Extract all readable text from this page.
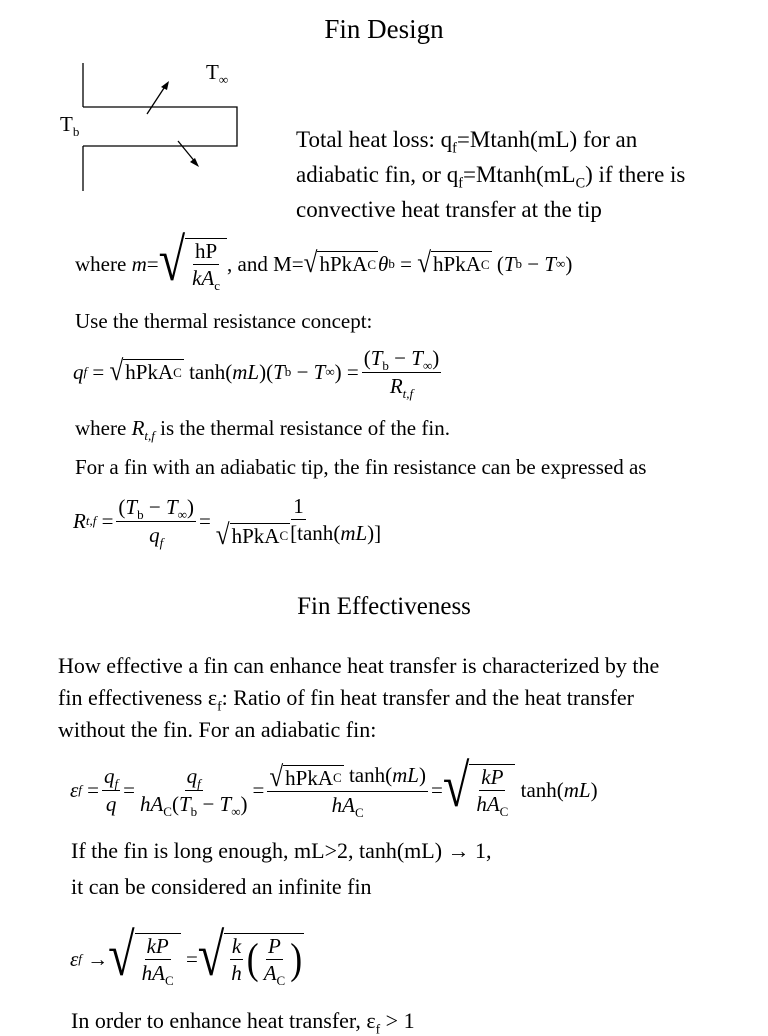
Fin Design
$T_\infty$
$T_b$	Total heat loss: $q_f=Mtanh(mL)$ for an
adiabatic fin, or $q_f=Mtanh(mL_C)$ if there is
convective heat transfer at the tip
where
m = √ $\frac{hP}{kA_c}$ , and M= √ hPkA C θ b = √ hPkA C ( T b − T ∞ )
Use the thermal resistance concept:
q f = √ hPkA C
tanh ( mL )( T b − T ∞ ) = $\frac{(T_b - T_\infty)}{R_{t,f}}$
where $R_{t,f}$ is the thermal resistance of the fin.
For a fin with an adiabatic tip, the fin resistance can be expressed as
R $t,f = \frac{(T_b - T_\infty)}{q_f} = \frac{1}{\text{√ hPkA C [tanh(mL)]}}$
Fin Effectiveness
How effective a fin can enhance heat transfer is characterized by the
fin effectiveness $\varepsilon_f$: Ratio of fin heat transfer and the heat transfer
without the fin. For an adiabatic fin:
ε $f = \frac{q_f}{q} = \frac{q_f}{hA_C(T_b - T_\infty)} = \frac{\text{√ hPkA C tanh(mL)}}{hA_C}$ = √ $\frac{kP}{hA_C}$
tanh ( mL )
If the fin is long enough, mL>2, tanh(mL) → 1,
it can be considered an infinite fin
ε f → √ $\frac{kP}{hA_C}$ = √ $\frac{k}{h}$ ( $\frac{P}{A_C}$ )
In order to enhance heat transfer, $\varepsilon_f > 1$
